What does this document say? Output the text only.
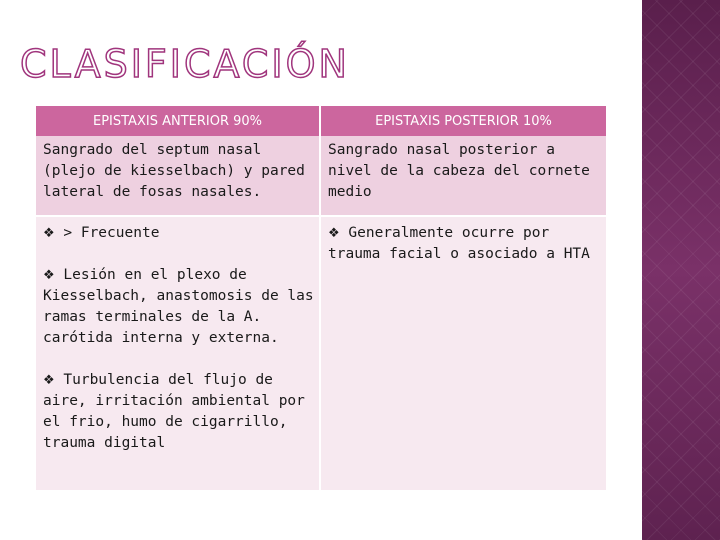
CLASIFICACIÓN
EPISTAXIS ANTERIOR 90%	EPISTAXIS POSTERIOR 10%
Sangrado del septum nasal (plejo de kiesselbach) y pared lateral de fosas nasales.	Sangrado nasal posterior a nivel de la cabeza del cornete medio

❖ > Frecuente
❖ Lesión en el plexo de Kiesselbach, anastomosis de las ramas terminales de la A. carótida interna y externa.
❖ Turbulencia del flujo de aire, irritación ambiental por el frio, humo de cigarrillo, trauma digital	❖ Generalmente ocurre por trauma facial o asociado a HTA
